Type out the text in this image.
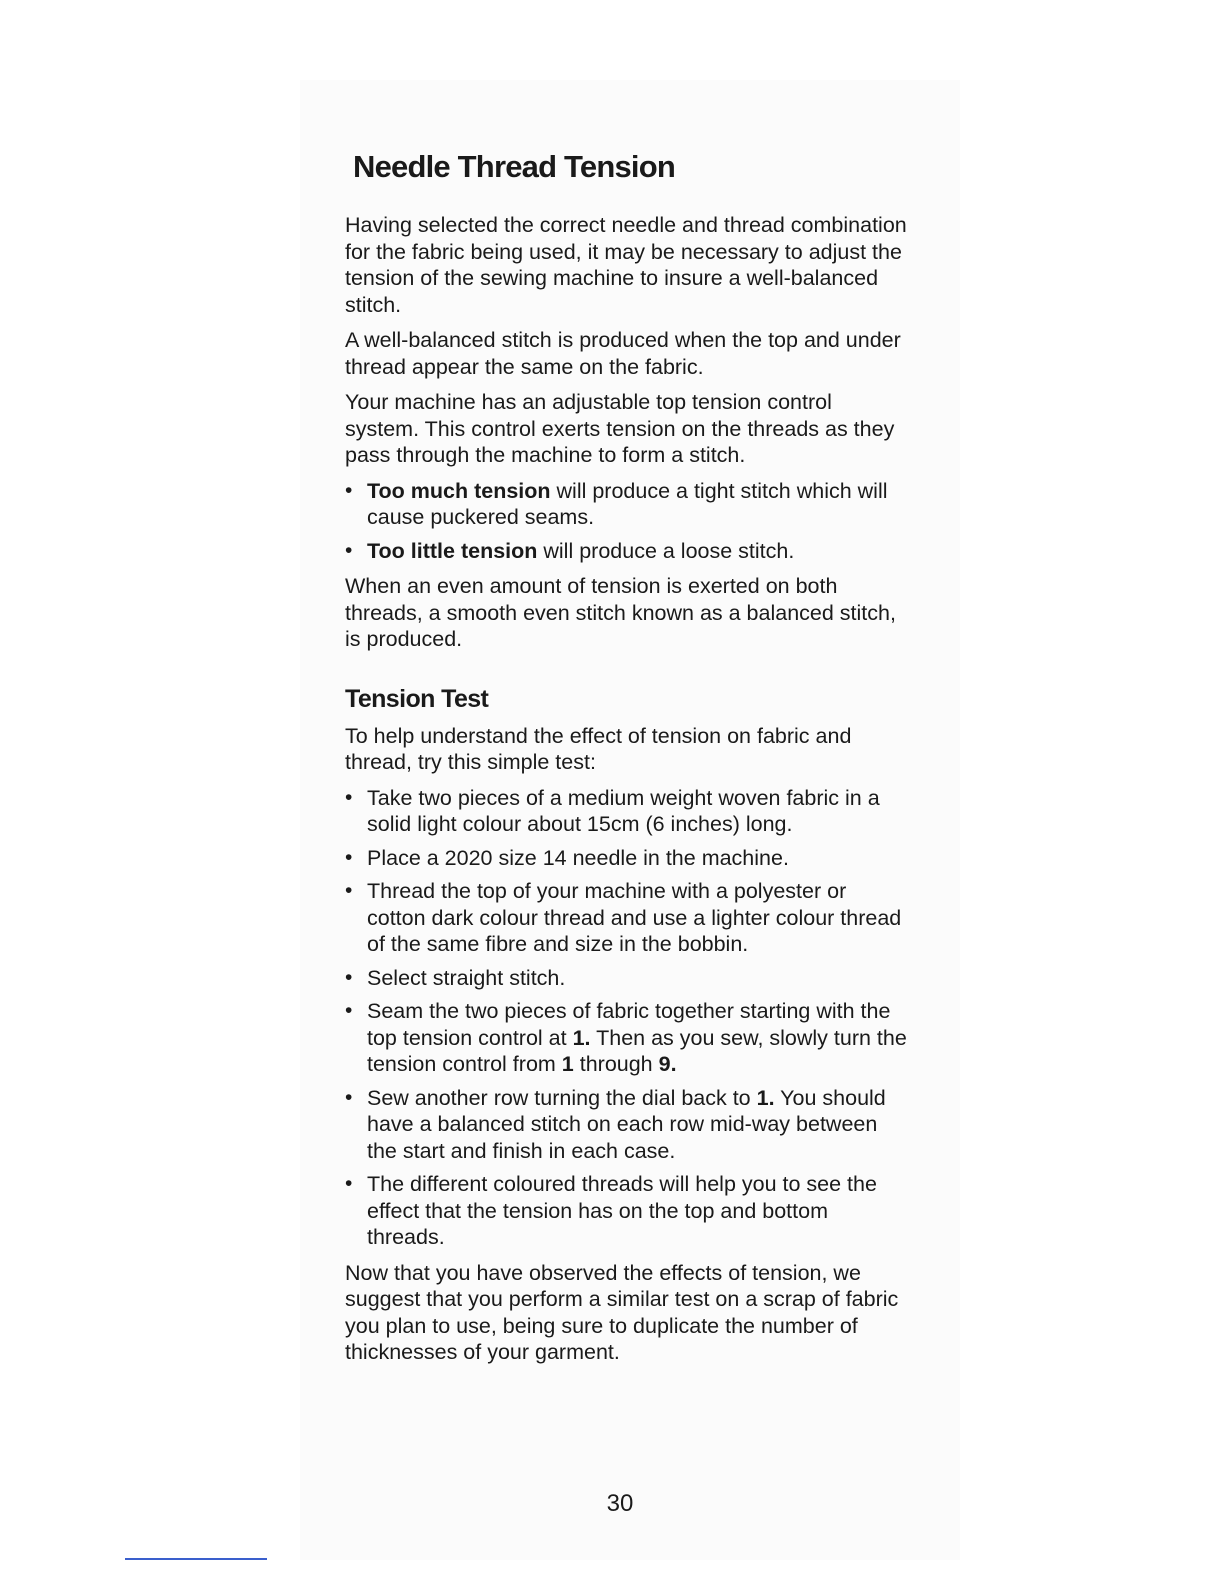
Needle Thread Tension

Having selected the correct needle and thread combination for the fabric being used, it may be necessary to adjust the tension of the sewing machine to insure a well-balanced stitch.

A well-balanced stitch is produced when the top and under thread appear the same on the fabric.

Your machine has an adjustable top tension control system. This control exerts tension on the threads as they pass through the machine to form a stitch.

• Too much tension will produce a tight stitch which will cause puckered seams.
• Too little tension will produce a loose stitch.

When an even amount of tension is exerted on both threads, a smooth even stitch known as a balanced stitch, is produced.

Tension Test

To help understand the effect of tension on fabric and thread, try this simple test:

• Take two pieces of a medium weight woven fabric in a solid light colour about 15cm (6 inches) long.
• Place a 2020 size 14 needle in the machine.
• Thread the top of your machine with a polyester or cotton dark colour thread and use a lighter colour thread of the same fibre and size in the bobbin.
• Select straight stitch.
• Seam the two pieces of fabric together starting with the top tension control at 1. Then as you sew, slowly turn the tension control from 1 through 9.
• Sew another row turning the dial back to 1. You should have a balanced stitch on each row mid-way between the start and finish in each case.
• The different coloured threads will help you to see the effect that the tension has on the top and bottom threads.

Now that you have observed the effects of tension, we suggest that you perform a similar test on a scrap of fabric you plan to use, being sure to duplicate the number of thicknesses of your garment.

30
